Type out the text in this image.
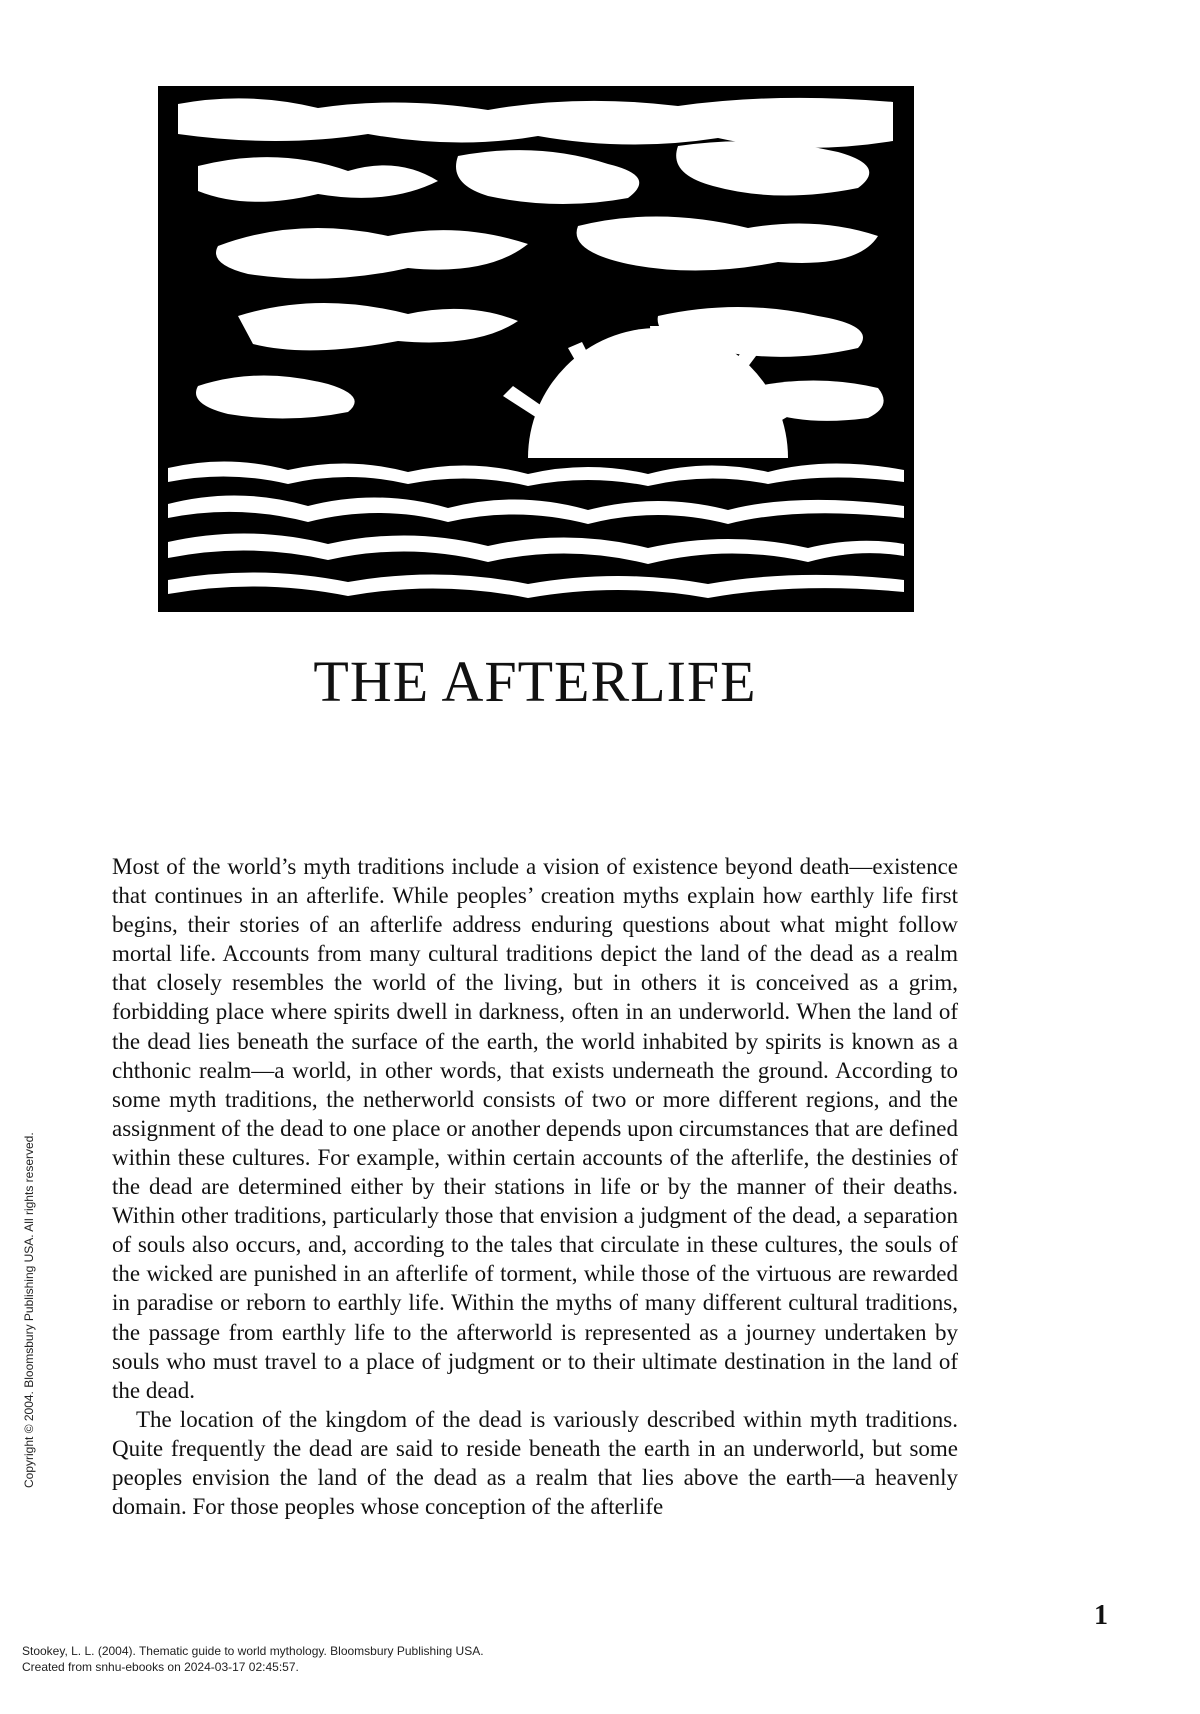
THE AFTERLIFE

Most of the world’s myth traditions include a vision of existence beyond death—existence that continues in an afterlife. While peoples’ creation myths explain how earthly life first begins, their stories of an afterlife address enduring questions about what might follow mortal life. Accounts from many cultural traditions depict the land of the dead as a realm that closely resembles the world of the living, but in others it is conceived as a grim, forbidding place where spirits dwell in darkness, often in an underworld. When the land of the dead lies beneath the surface of the earth, the world inhabited by spirits is known as a chthonic realm—a world, in other words, that exists underneath the ground. According to some myth traditions, the netherworld consists of two or more different regions, and the assignment of the dead to one place or another depends upon circumstances that are defined within these cultures. For example, within certain accounts of the afterlife, the destinies of the dead are determined either by their stations in life or by the manner of their deaths. Within other traditions, particularly those that envision a judgment of the dead, a separation of souls also occurs, and, according to the tales that circulate in these cultures, the souls of the wicked are punished in an afterlife of torment, while those of the virtuous are rewarded in paradise or reborn to earthly life. Within the myths of many different cultural traditions, the passage from earthly life to the afterworld is represented as a journey undertaken by souls who must travel to a place of judgment or to their ultimate destination in the land of the dead.

The location of the kingdom of the dead is variously described within myth traditions. Quite frequently the dead are said to reside beneath the earth in an underworld, but some peoples envision the land of the dead as a realm that lies above the earth—a heavenly domain. For those peoples whose conception of the afterlife

1
Copyright © 2004. Bloomsbury Publishing USA. All rights reserved.
Stookey, L. L. (2004). Thematic guide to world mythology. Bloomsbury Publishing USA.
Created from snhu-ebooks on 2024-03-17 02:45:57.
